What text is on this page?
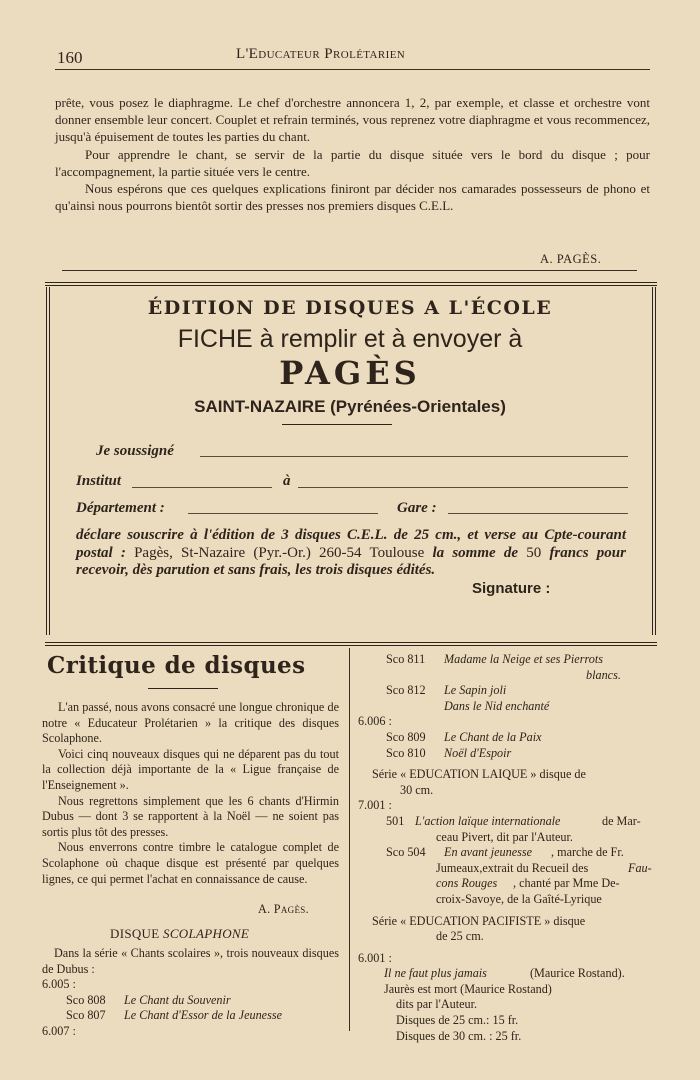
160	L'Educateur Prolétarien

prête, vous posez le diaphragme. Le chef d'orchestre annoncera 1, 2, par exemple, et classe et orchestre vont donner ensemble leur concert. Couplet et refrain terminés, vous reprenez votre diaphragme et vous recommencez, jusqu'à épuisement de toutes les parties du chant.

Pour apprendre le chant, se servir de la partie du disque située vers le bord du disque ; pour l'accompagnement, la partie située vers le centre.

Nous espérons que ces quelques explications finiront par décider nos camarades possesseurs de phono et qu'ainsi nous pourrons bientôt sortir des presses nos premiers disques C.E.L.

A. PAGÈS.
ÉDITION DE DISQUES A L'ÉCOLE
FICHE à remplir et à envoyer à
PAGÈS
SAINT-NAZAIRE (Pyrénées-Orientales)
Je soussigné
Institut	à
Département :	Gare :
déclare souscrire à l'édition de 3 disques C.E.L. de 25 cm., et verse au Cpte-courant postal : Pagès, St-Nazaire (Pyr.-Or.) 260-54 Toulouse la somme de 50 francs pour recevoir, dès parution et sans frais, les trois disques édités.
Signature :
Critique de disques

L'an passé, nous avons consacré une longue chronique de notre « Educateur Prolétarien » la critique des disques Scolaphone.

Voici cinq nouveaux disques qui ne déparent pas du tout la collection déjà importante de la « Ligue française de l'Enseignement ».

Nous regrettons simplement que les 6 chants d'Hirmin Dubus — dont 3 se rapportent à la Noël — ne soient pas sortis plus tôt des presses.

Nous enverrons contre timbre le catalogue complet de Scolaphone où chaque disque est présenté par quelques lignes, ce qui permet l'achat en connaissance de cause.

A. Pagès.
DISQUE SCOLAPHONE
Dans la série « Chants scolaires », trois nouveaux disques de Dubus :
6.005 :
Sco 808 Le Chant du Souvenir
Sco 807 Le Chant d'Essor de la Jeunesse
6.007 :
Sco 811 Madame la Neige et ses Pierrots
blancs.
Sco 812 Le Sapin joli
Dans le Nid enchanté
6.006 :
Sco 809 Le Chant de la Paix
Sco 810 Noël d'Espoir
Série « EDUCATION LAIQUE » disque de
30 cm.
7.001 :
501 L'action laïque internationale	de Mar-
ceau Pivert, dit par l'Auteur.
Sco 504 En avant jeunesse , marche de Fr.
Jumeaux,extrait du Recueil des	Fau-
cons Rouges , chanté par Mme De-
croix-Savoye, de la Gaîté-Lyrique
Série « EDUCATION PACIFISTE » disque
de 25 cm.
6.001 :
Il ne faut plus jamais	(Maurice Rostand).
Jaurès est mort (Maurice Rostand)
dits par l'Auteur.
Disques de 25 cm.: 15 fr.
Disques de 30 cm. : 25 fr.
